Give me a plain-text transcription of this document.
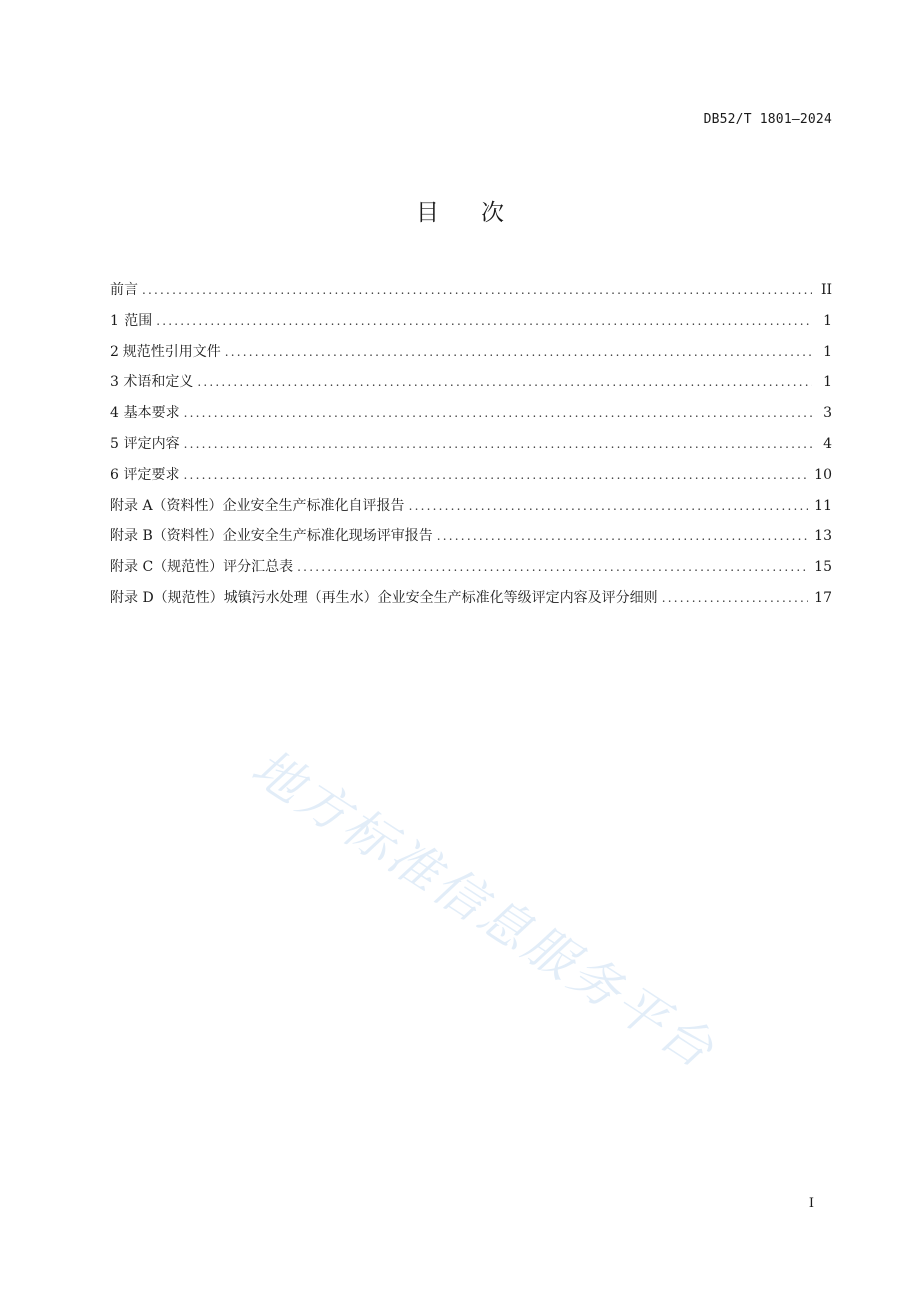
DB52/T 1801—2024
目 次
前言 .....	II
1 范围 .....	1
2 规范性引用文件 .....	1
3 术语和定义 .....	1
4 基本要求 .....	3
5 评定内容 .....	4
6 评定要求 .....	10
附录 A（资料性） 企业安全生产标准化自评报告 .....	11
附录 B（资料性） 企业安全生产标准化现场评审报告 .....	13
附录 C（规范性） 评分汇总表 .....	15
附录 D（规范性） 城镇污水处理（再生水）企业安全生产标准化等级评定内容及评分细则 .....	17
地方标准信息服务平台
I
